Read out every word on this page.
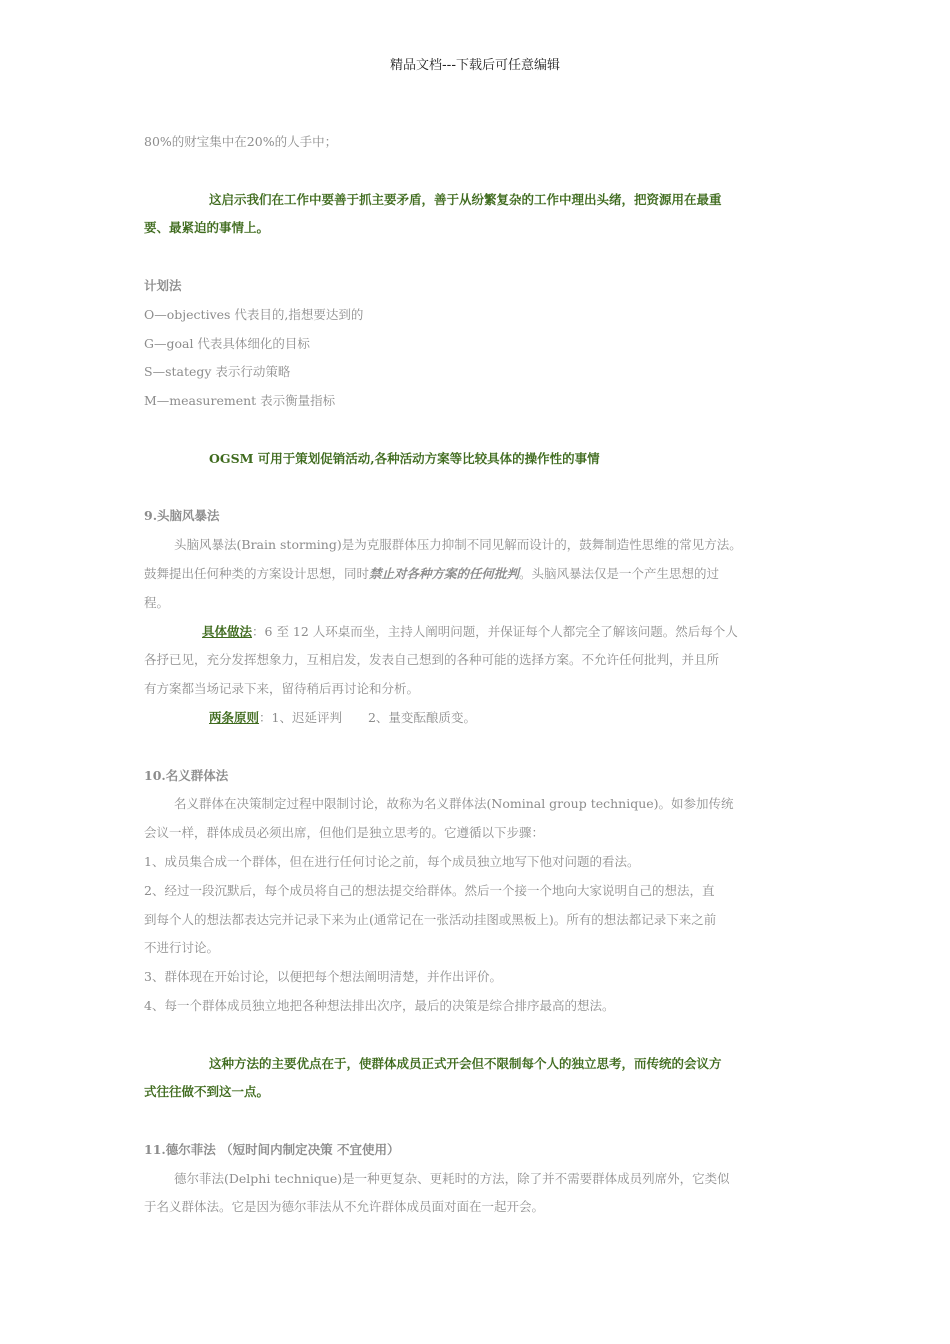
精品文档---下载后可任意编辑
80%的财宝集中在20%的人手中；
这启示我们在工作中要善于抓主要矛盾，善于从纷繁复杂的工作中理出头绪，把资源用在最重
要、最紧迫的事情上。
计划法
O—objectives 代表目的,指想要达到的
G—goal 代表具体细化的目标
S—stategy 表示行动策略
M—measurement 表示衡量指标
OGSM 可用于策划促销活动,各种活动方案等比较具体的操作性的事情
9.头脑风暴法
头脑风暴法(Brain storming)是为克服群体压力抑制不同见解而设计的，鼓舞制造性思维的常见方法。
鼓舞提出任何种类的方案设计思想，同时禁止对各种方案的任何批判。头脑风暴法仅是一个产生思想的过
程。
具体做法：6 至 12 人环桌而坐，主持人阐明问题，并保证每个人都完全了解该问题。然后每个人
各抒已见，充分发挥想象力，互相启发，发表自己想到的各种可能的选择方案。不允许任何批判，并且所
有方案都当场记录下来，留待稍后再讨论和分析。
两条原则：1、迟延评判 2、量变酝酿质变。
10.名义群体法
名义群体在决策制定过程中限制讨论，故称为名义群体法(Nominal group technique)。如参加传统
会议一样，群体成员必须出席，但他们是独立思考的。它遵循以下步骤：
1、成员集合成一个群体，但在进行任何讨论之前，每个成员独立地写下他对问题的看法。
2、经过一段沉默后，每个成员将自己的想法提交给群体。然后一个接一个地向大家说明自己的想法，直
到每个人的想法都表达完并记录下来为止(通常记在一张活动挂图或黑板上)。所有的想法都记录下来之前
不进行讨论。
3、群体现在开始讨论，以便把每个想法阐明清楚，并作出评价。
4、每一个群体成员独立地把各种想法排出次序，最后的决策是综合排序最高的想法。
这种方法的主要优点在于，使群体成员正式开会但不限制每个人的独立思考，而传统的会议方
式往往做不到这一点。
11.德尔菲法 （短时间内制定决策 不宜使用）
德尔菲法(Delphi technique)是一种更复杂、更耗时的方法，除了并不需要群体成员列席外，它类似
于名义群体法。它是因为德尔菲法从不允许群体成员面对面在一起开会。
